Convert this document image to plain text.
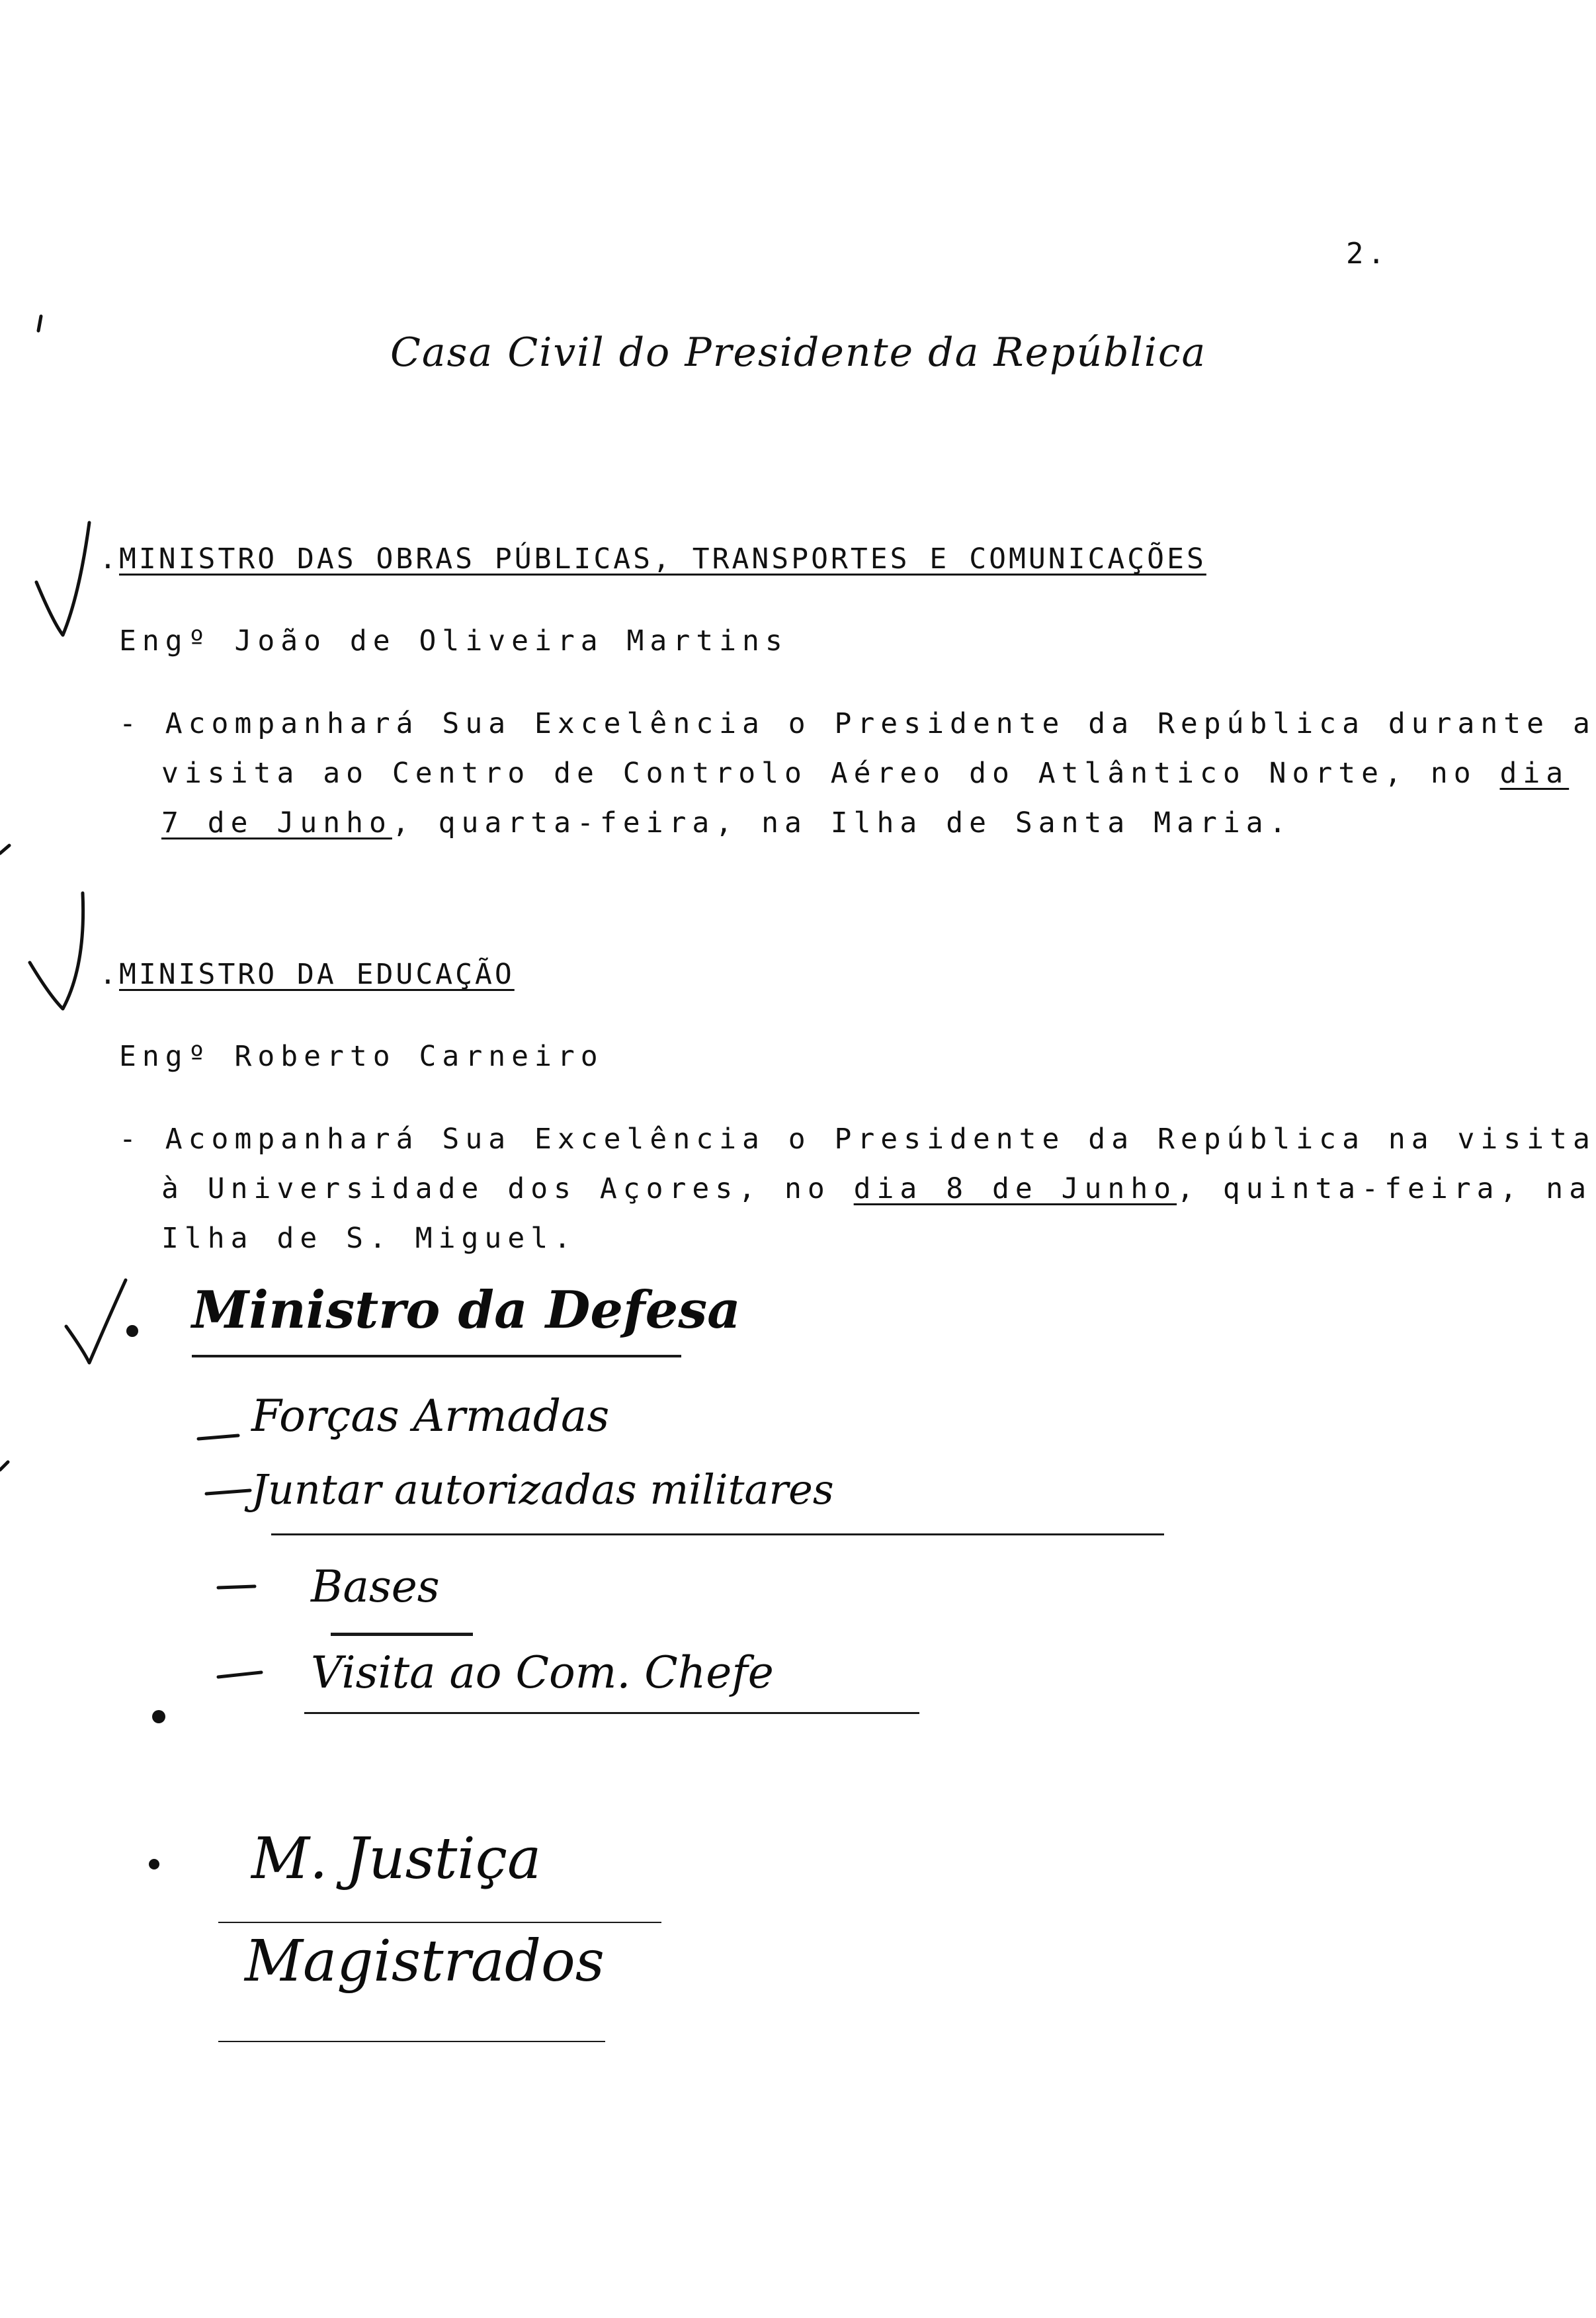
2.
Casa Civil do Presidente da República
.
MINISTRO DAS OBRAS PÚBLICAS, TRANSPORTES E COMUNICAÇÕES
Engº João de Oliveira Martins
- Acompanhará Sua Excelência o Presidente da República durante a
visita ao Centro de Controlo Aéreo do Atlântico Norte, no dia
7 de Junho, quarta-feira, na Ilha de Santa Maria.
.
MINISTRO DA EDUCAÇÃO
Engº Roberto Carneiro
- Acompanhará Sua Excelência o Presidente da República na visita
à Universidade dos Açores, no dia 8 de Junho, quinta-feira, na
Ilha de S. Miguel.
Ministro da Defesa
Forças Armadas
Juntar autorizadas militares
Bases
Visita ao Com. Chefe
M. Justiça
Magistrados
